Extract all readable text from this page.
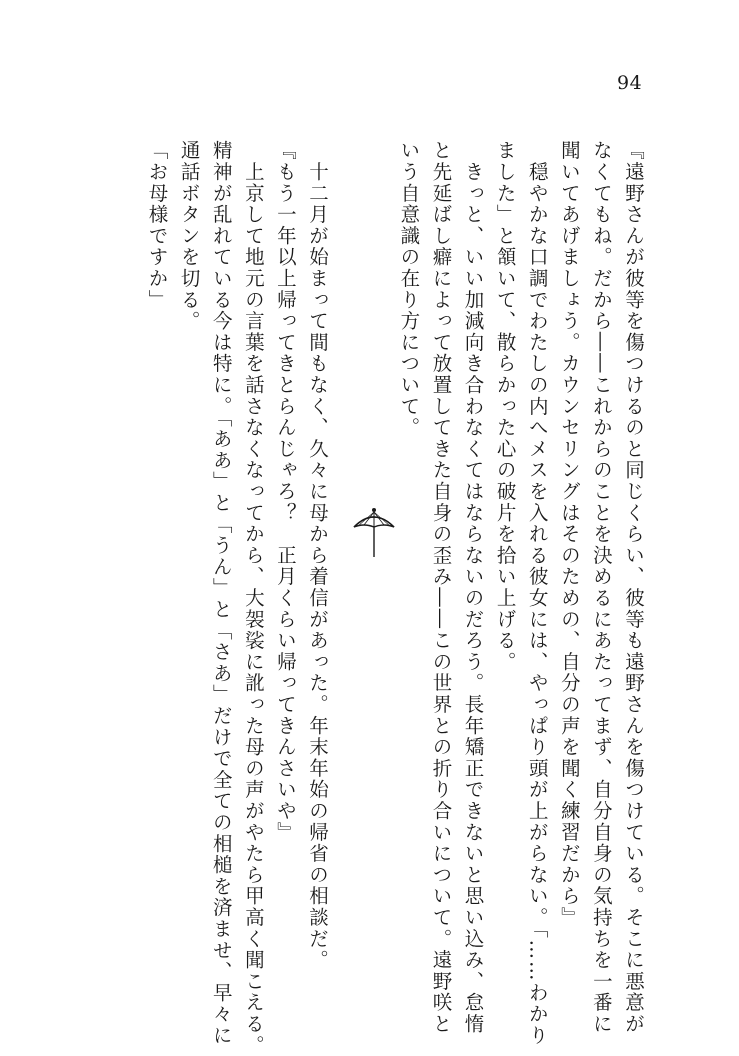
94
『遠野さんが彼等を傷つけるのと同じくらい、彼等も遠野さんを傷つけている。そこに悪意が
なくてもね。だから――これからのことを決めるにあたってまず、自分自身の気持ちを一番に
聞いてあげましょう。カウンセリングはそのための、自分の声を聞く練習だから』
　穏やかな口調でわたしの内へメスを入れる彼女には、やっぱり頭が上がらない。「……わかり
ました」と頷いて、散らかった心の破片を拾い上げる。
　きっと、いい加減向き合わなくてはならないのだろう。長年矯正できないと思い込み、怠惰
と先延ばし癖によって放置してきた自身の歪み――この世界との折り合いについて。遠野咲と
いう自意識の在り方について。
　十二月が始まって間もなく、久々に母から着信があった。年末年始の帰省の相談だ。
『もう一年以上帰ってきとらんじゃろ？　正月くらい帰ってきんさいや』
　上京して地元の言葉を話さなくなってから、大袈裟に訛った母の声がやたら甲高く聞こえる。
精神が乱れている今は特に。「ああ」と「うん」と「さあ」だけで全ての相槌を済ませ、早々に
通話ボタンを切る。
「お母様ですか」
